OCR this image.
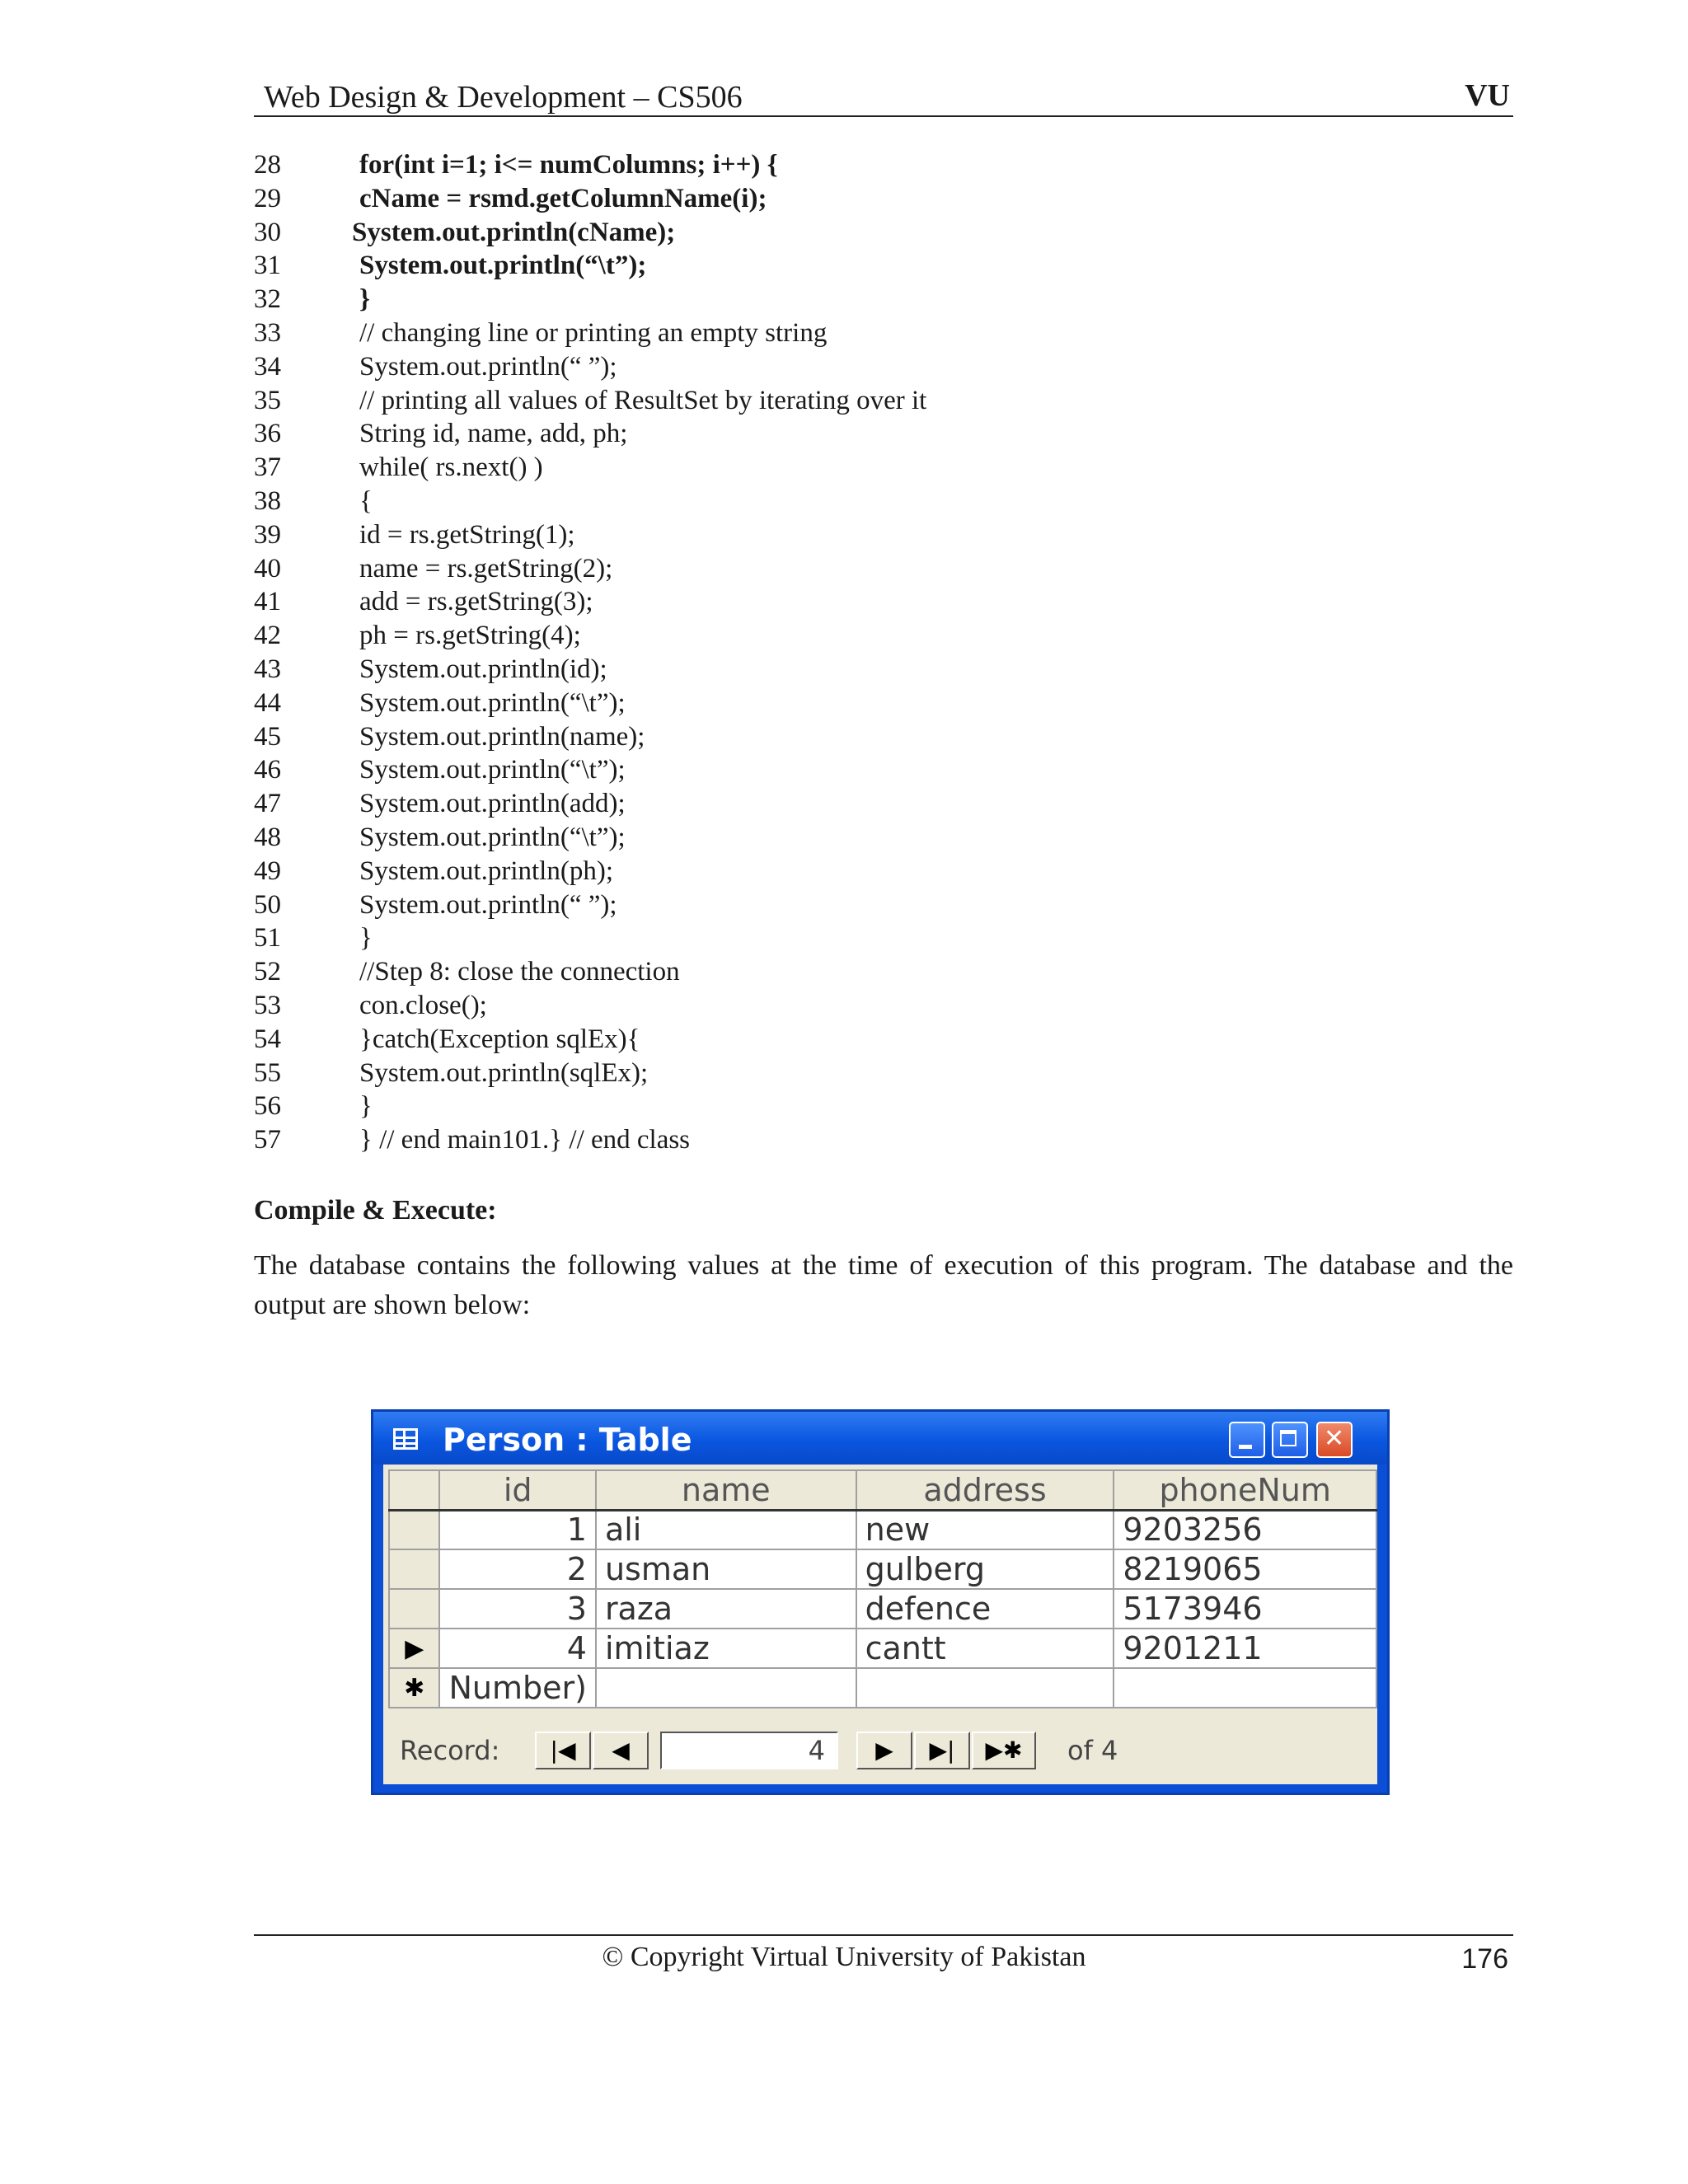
Web Design & Development – CS506	VU
28	for(int i=1; i<= numColumns; i++) {
29	cName = rsmd.getColumnName(i);
30	System.out.println(cName);
31	System.out.println(“\t”);
32	}
33	// changing line or printing an empty string
34	System.out.println(“ ”);
35	// printing all values of ResultSet by iterating over it
36	String id, name, add, ph;
37	while( rs.next() )
38	{
39	id = rs.getString(1);
40	name = rs.getString(2);
41	add = rs.getString(3);
42	ph = rs.getString(4);
43	System.out.println(id);
44	System.out.println(“\t”);
45	System.out.println(name);
46	System.out.println(“\t”);
47	System.out.println(add);
48	System.out.println(“\t”);
49	System.out.println(ph);
50	System.out.println(“ ”);
51	}
52	//Step 8: close the connection
53	con.close();
54	}catch(Exception sqlEx){
55	System.out.println(sqlEx);
56	}
57	} // end main101.} // end class
Compile & Execute:
The database contains the following values at the time of execution of this program. The database and the output are shown below:
Person : Table
✕
	id	name	address	phoneNum
	1	ali	new	9203256
	2	usman	gulberg	8219065
	3	raza	defence	5173946
▶	4	imitiaz	cantt	9201211
✱	Number)			
Record:	|◀	◀	4	▶	▶|	▶✱	of 4
© Copyright Virtual University of Pakistan	176
